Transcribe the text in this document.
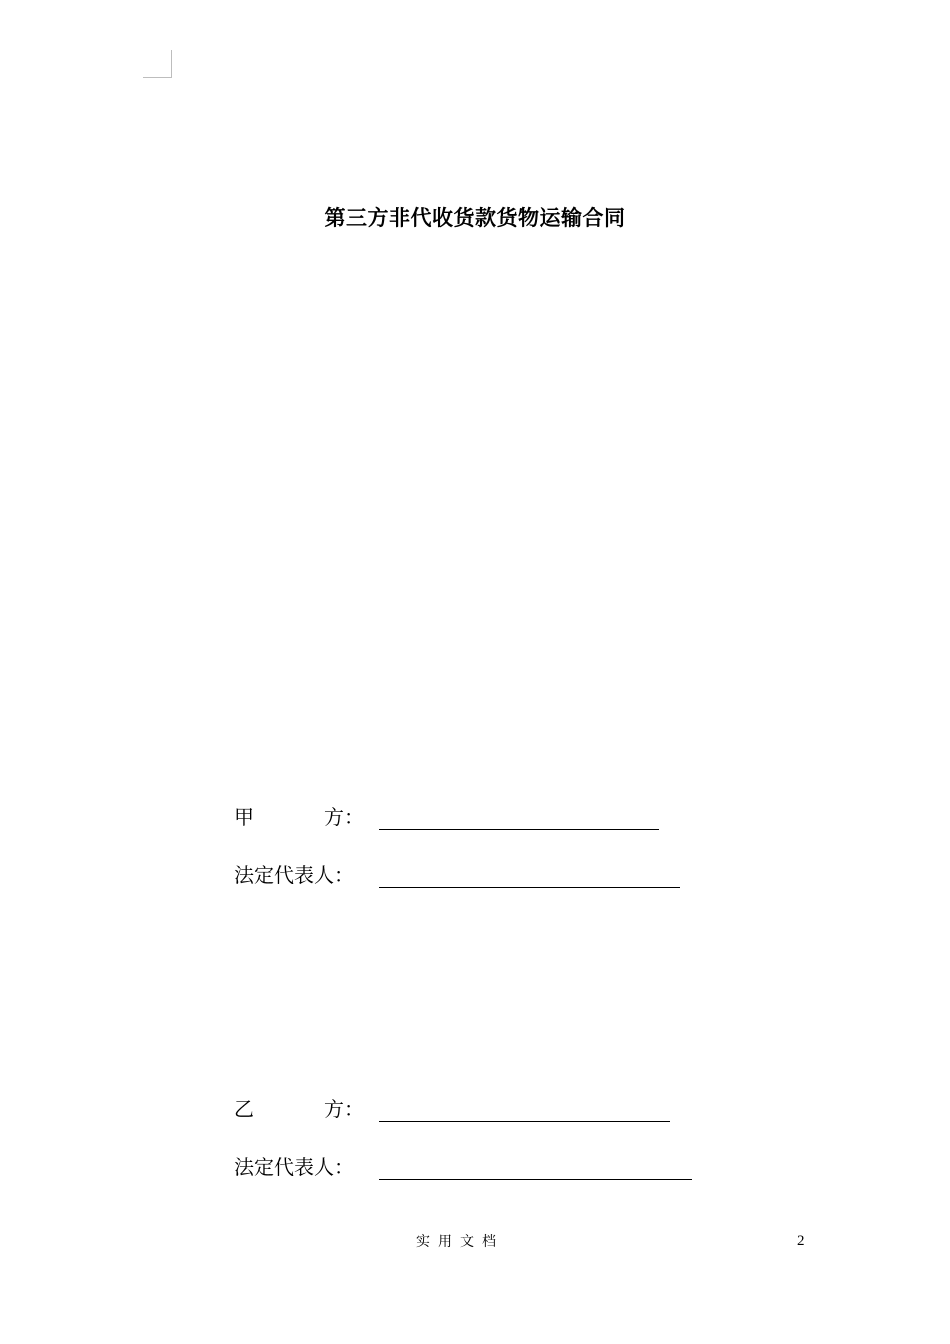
第三方非代收货款货物运输合同
甲	方：
法定代表人：
乙	方：
法定代表人：
实用文档	2
